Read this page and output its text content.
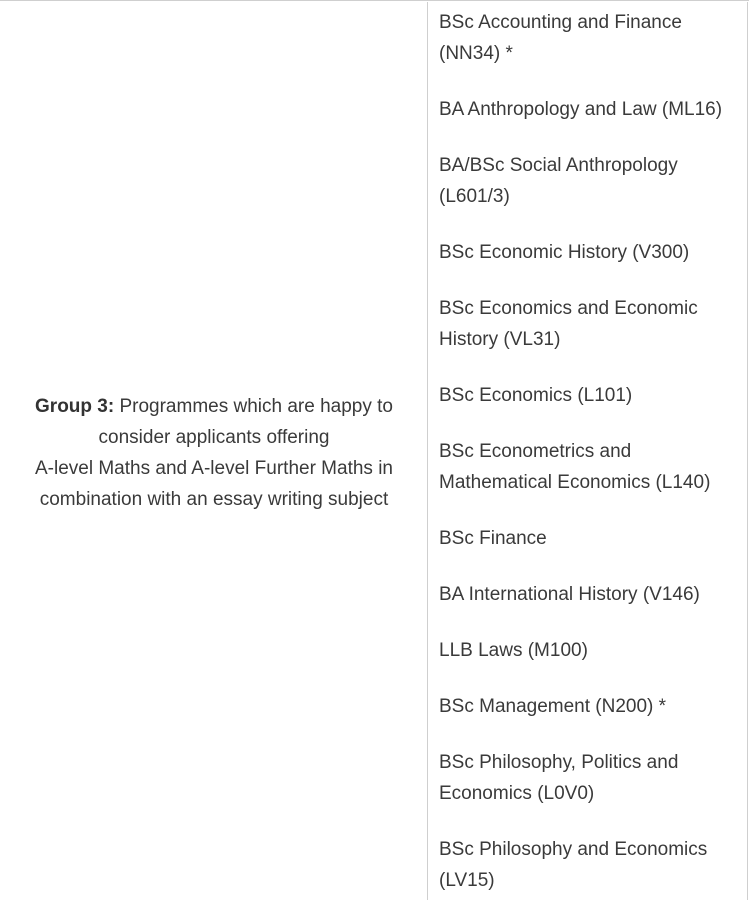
Group 3: Programmes which are happy to consider applicants offering
A-level Maths and A-level Further Maths in combination with an essay writing subject
BSc Accounting and Finance (NN34) *
BA Anthropology and Law (ML16)
BA/BSc Social Anthropology (L601/3)
BSc Economic History (V300)
BSc Economics and Economic History (VL31)
BSc Economics (L101)
BSc Econometrics and Mathematical Economics (L140)
BSc Finance
BA International History (V146)
LLB Laws (M100)
BSc Management (N200) *
BSc Philosophy, Politics and Economics (L0V0)
BSc Philosophy and Economics (LV15)
